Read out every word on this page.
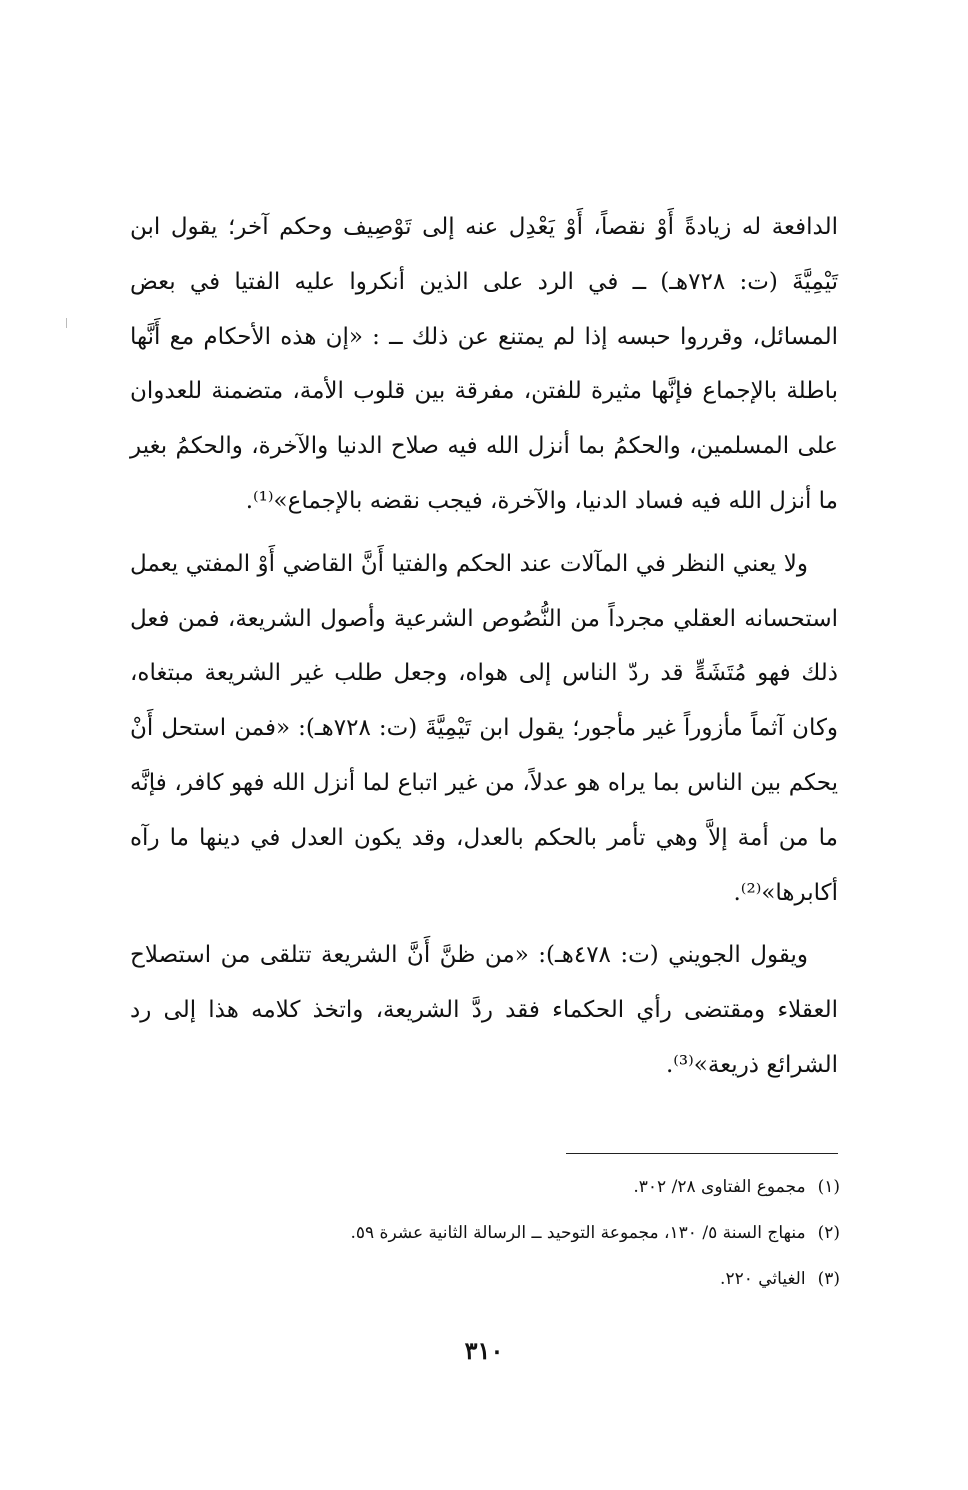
الدافعة له زيادةً أَوْ نقصاً، أَوْ يَعْدِل عنه إلى تَوْصِيف وحكم آخر؛ يقول ابن تَيْمِيَّةَ (ت: ٧٢٨هـ) ــ في الرد على الذين أنكروا عليه الفتيا في بعض المسائل، وقرروا حبسه إذا لم يمتنع عن ذلك ــ : «إن هذه الأحكام مع أَنَّها باطلة بالإجماع فإنَّها مثيرة للفتن، مفرقة بين قلوب الأمة، متضمنة للعدوان على المسلمين، والحكمُ بما أنزل الله فيه صلاح الدنيا والآخرة، والحكمُ بغير ما أنزل الله فيه فساد الدنيا، والآخرة، فيجب نقضه بالإجماع»⁽¹⁾.

ولا يعني النظر في المآلات عند الحكم والفتيا أَنَّ القاضي أَوْ المفتي يعمل استحسانه العقلي مجرداً من النُّصُوص الشرعية وأصول الشريعة، فمن فعل ذلك فهو مُتَشَهٍّ قد ردّ الناس إلى هواه، وجعل طلب غير الشريعة مبتغاه، وكان آثماً مأزوراً غير مأجور؛ يقول ابن تَيْمِيَّةَ (ت: ٧٢٨هـ): «فمن استحل أَنْ يحكم بين الناس بما يراه هو عدلاً، من غير اتباع لما أنزل الله فهو كافر، فإنَّه ما من أمة إلاَّ وهي تأمر بالحكم بالعدل، وقد يكون العدل في دينها ما رآه أكابرها»⁽²⁾.

ويقول الجويني (ت: ٤٧٨هـ): «من ظنَّ أَنَّ الشريعة تتلقى من استصلاح العقلاء ومقتضى رأي الحكماء فقد ردَّ الشريعة، واتخذ كلامه هذا إلى رد الشرائع ذريعة»⁽³⁾.

(١)مجموع الفتاوى ٢٨/ ٣٠٢.
(٢)منهاج السنة ٥/ ١٣٠، مجموعة التوحيد ــ الرسالة الثانية عشرة ٥٩.
(٣)الغياثي ٢٢٠.
٣١٠
